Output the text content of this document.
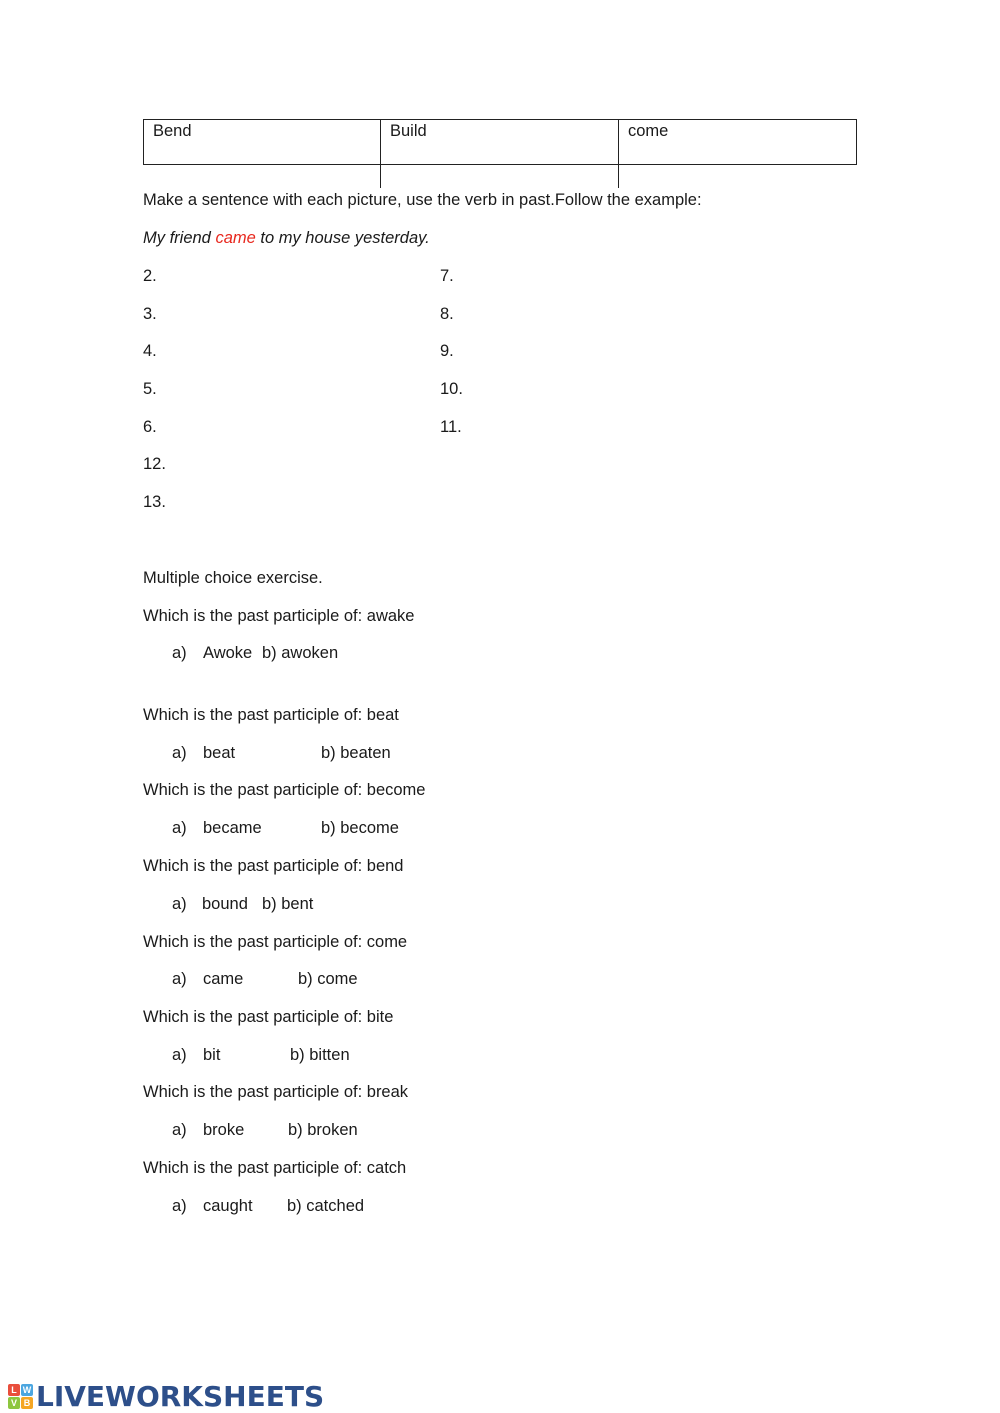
Bend	Build	come
Make a sentence with each picture, use the verb in past.Follow the example:
My friend came to my house yesterday.
2.
3.
4.
5.
6.
12.
13.
7.
8.
9.
10.
11.
Multiple choice exercise.
Which is the past participle of: awake
a) Awoke b) awoken
Which is the past participle of: beat
a) beat	b) beaten
Which is the past participle of: become
a) became	b) become
Which is the past participle of: bend
a) bound b) bent
Which is the past participle of: come
a) came	b) come
Which is the past participle of: bite
a) bit	b) bitten
Which is the past participle of: break
a) broke	b) broken
Which is the past participle of: catch
a) caught b) catched
L W
V B LIVEWORKSHEETS
